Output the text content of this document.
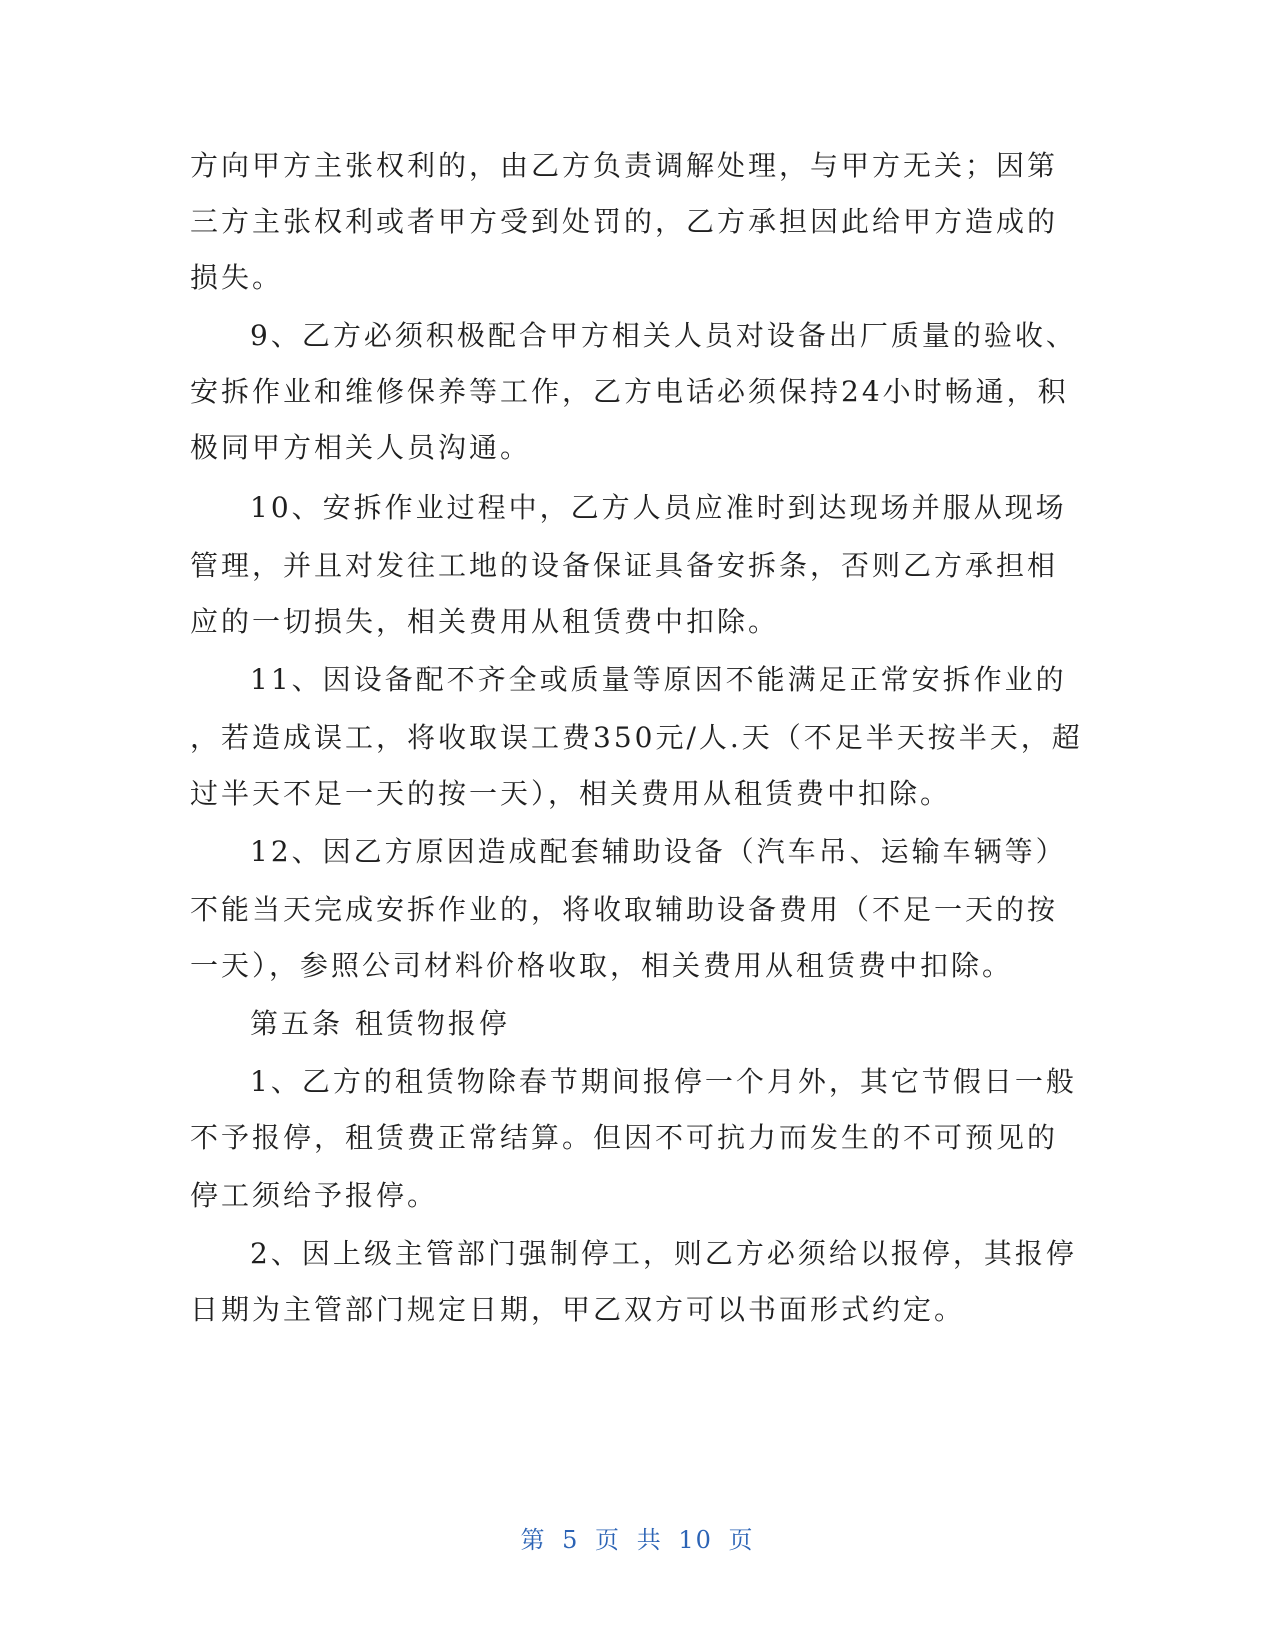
方向甲方主张权利的，由乙方负责调解处理，与甲方无关；因第
三方主张权利或者甲方受到处罚的，乙方承担因此给甲方造成的
损失。
9、乙方必须积极配合甲方相关人员对设备出厂质量的验收、
安拆作业和维修保养等工作，乙方电话必须保持24小时畅通，积
极同甲方相关人员沟通。
10、安拆作业过程中，乙方人员应准时到达现场并服从现场
管理，并且对发往工地的设备保证具备安拆条，否则乙方承担相
应的一切损失，相关费用从租赁费中扣除。
11、因设备配不齐全或质量等原因不能满足正常安拆作业的
，若造成误工，将收取误工费350元/人.天（不足半天按半天，超
过半天不足一天的按一天），相关费用从租赁费中扣除。
12、因乙方原因造成配套辅助设备（汽车吊、运输车辆等）
不能当天完成安拆作业的，将收取辅助设备费用（不足一天的按
一天），参照公司材料价格收取，相关费用从租赁费中扣除。
第五条 租赁物报停
1、乙方的租赁物除春节期间报停一个月外，其它节假日一般
不予报停，租赁费正常结算。但因不可抗力而发生的不可预见的
停工须给予报停。
2、因上级主管部门强制停工，则乙方必须给以报停，其报停
日期为主管部门规定日期，甲乙双方可以书面形式约定。
第 5 页 共 10 页
